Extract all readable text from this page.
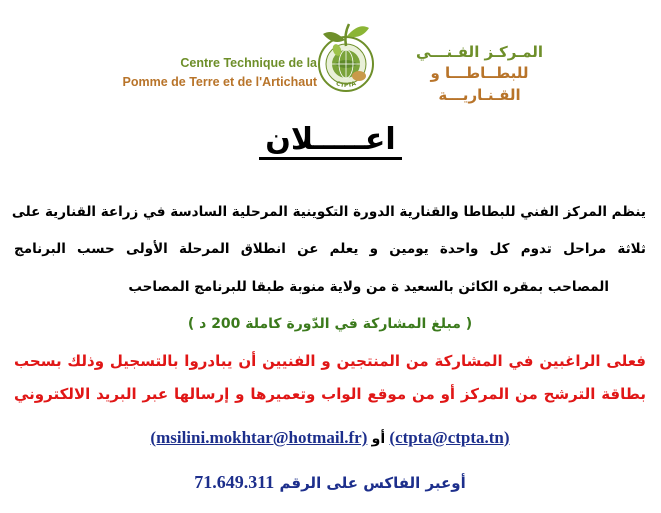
Centre Technique de la
Pomme de Terre et de l'Artichaut	CTPTA
المـركـز الفـنـــي
للبطــاطـــا و القـنـاريـــة
اعـــــلان
ينظم المركز الفني للبطاطا والقنارية الدورة التكوينية المرحلية السادسة في زراعة القنارية على
ثلاثة مراحل تدوم كل واحدة يومين و يعلم عن انطلاق المرحلة الأولى حسب البرنامج
المصاحب بمقره الكائن بالسعيد ة من ولاية منوبة طبقا للبرنامج المصاحب
( مبلغ المشاركة في الدّورة كاملة 200 د )
فعلى الراغبين في المشاركة من المنتجين و الفنيين أن يبادروا بالتسجيل وذلك بسحب
بطاقة الترشح من المركز أو من موقع الواب وتعميرها و إرسالها عبر البريد الالكتروني
(ctpta@ctpta.tn) أو (msilini.mokhtar@hotmail.fr)
أوعبر الفاكس على الرقم 71.649.311
